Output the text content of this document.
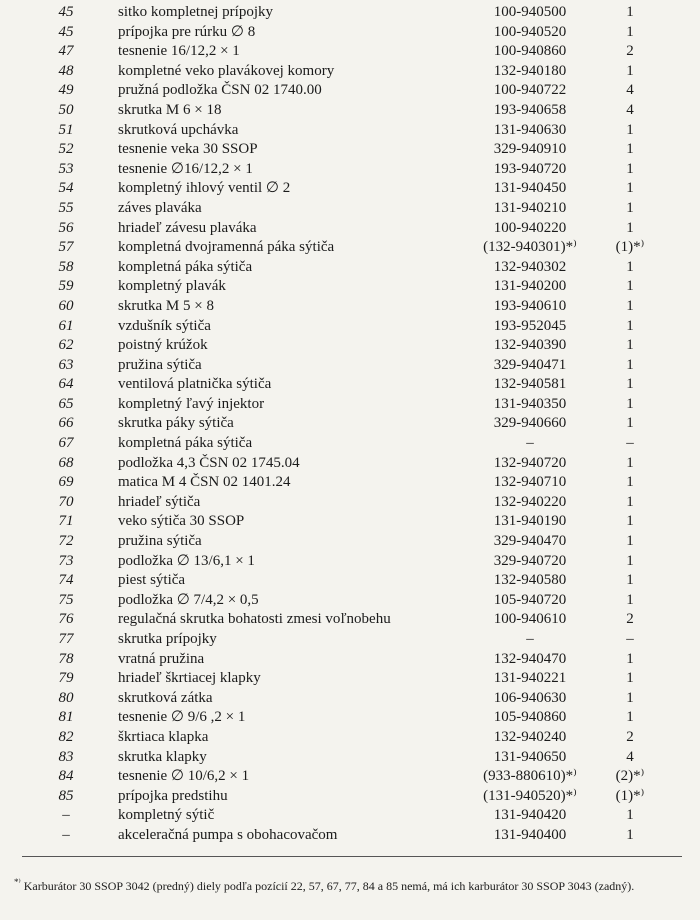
45	sitko kompletnej prípojky	100-940500	1
45	prípojka pre rúrku ∅ 8	100-940520	1
47	tesnenie 16/12,2 × 1	100-940860	2
48	kompletné veko plavákovej komory	132-940180	1
49	pružná podložka ČSN 02 1740.00	100-940722	4
50	skrutka M 6 × 18	193-940658	4
51	skrutková upchávka	131-940630	1
52	tesnenie veka 30 SSOP	329-940910	1
53	tesnenie ∅16/12,2 × 1	193-940720	1
54	kompletný ihlový ventil ∅ 2	131-940450	1
55	záves plaváka	131-940210	1
56	hriadeľ závesu plaváka	100-940220	1
57	kompletná dvojramenná páka sýtiča	(132-940301)*⁾	(1)*⁾
58	kompletná páka sýtiča	132-940302	1
59	kompletný plavák	131-940200	1
60	skrutka M 5 × 8	193-940610	1
61	vzdušník sýtiča	193-952045	1
62	poistný krúžok	132-940390	1
63	pružina sýtiča	329-940471	1
64	ventilová platnička sýtiča	132-940581	1
65	kompletný ľavý injektor	131-940350	1
66	skrutka páky sýtiča	329-940660	1
67	kompletná páka sýtiča	–	–
68	podložka 4,3 ČSN 02 1745.04	132-940720	1
69	matica M 4 ČSN 02 1401.24	132-940710	1
70	hriadeľ sýtiča	132-940220	1
71	veko sýtiča 30 SSOP	131-940190	1
72	pružina sýtiča	329-940470	1
73	podložka ∅ 13/6,1 × 1	329-940720	1
74	piest sýtiča	132-940580	1
75	podložka ∅ 7/4,2 × 0,5	105-940720	1
76	regulačná skrutka bohatosti zmesi voľnobehu	100-940610	2
77	skrutka prípojky	–	–
78	vratná pružina	132-940470	1
79	hriadeľ škrtiacej klapky	131-940221	1
80	skrutková zátka	106-940630	1
81	tesnenie ∅ 9/6 ,2 × 1	105-940860	1
82	škrtiaca klapka	132-940240	2
83	skrutka klapky	131-940650	4
84	tesnenie ∅ 10/6,2 × 1	(933-880610)*⁾	(2)*⁾
85	prípojka predstihu	(131-940520)*⁾	(1)*⁾
–	kompletný sýtič	131-940420	1
–	akceleračná pumpa s obohacovačom	131-940400	1
*⁾ Karburátor 30 SSOP 3042 (predný) diely podľa pozícií 22, 57, 67, 77, 84 a 85 nemá, má ich karburátor 30 SSOP 3043 (zadný).
